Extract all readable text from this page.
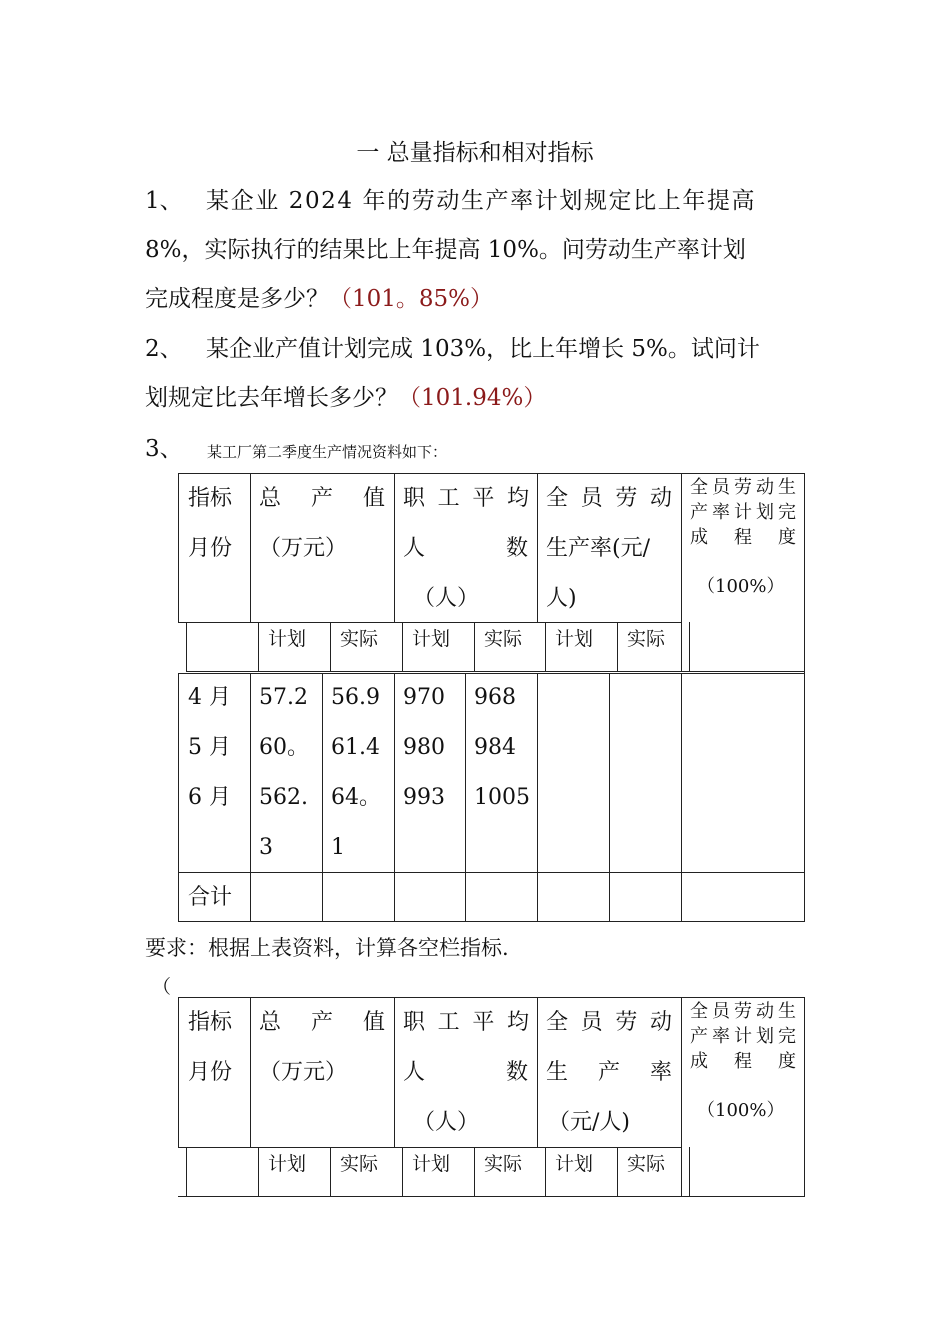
一 总量指标和相对指标
1、 某企业 2024 年的劳动生产率计划规定比上年提高
8%，实际执行的结果比上年提高 10%。问劳动生产率计划
完成程度是多少？（101。85%）
2、 某企业产值计划完成 103%，比上年增长 5%。试问计
划规定比去年增长多少？（101.94%）
3、 某工厂第二季度生产情况资料如下：
指标
月份
总 产 值
（万元）
职工平均
人	数
（人）
全员劳动
生产率(元/
人)
全员劳动生产率计划完成程度
（100%）
计划 实际 计划 实际 计划 实际
4 月
5 月
6 月
57.2
60。
562.
3
56.9
61.4
64。
1
970
980
993
968
984
1005
合计
要求：根据上表资料，计算各空栏指标.
（
指标
月份
总 产 值
（万元）
职工平均
人	数
（人）
全员劳动
生 产 率
（元/人)
全员劳动生产率计划完成程度
（100%）
计划 实际 计划 实际 计划 实际
